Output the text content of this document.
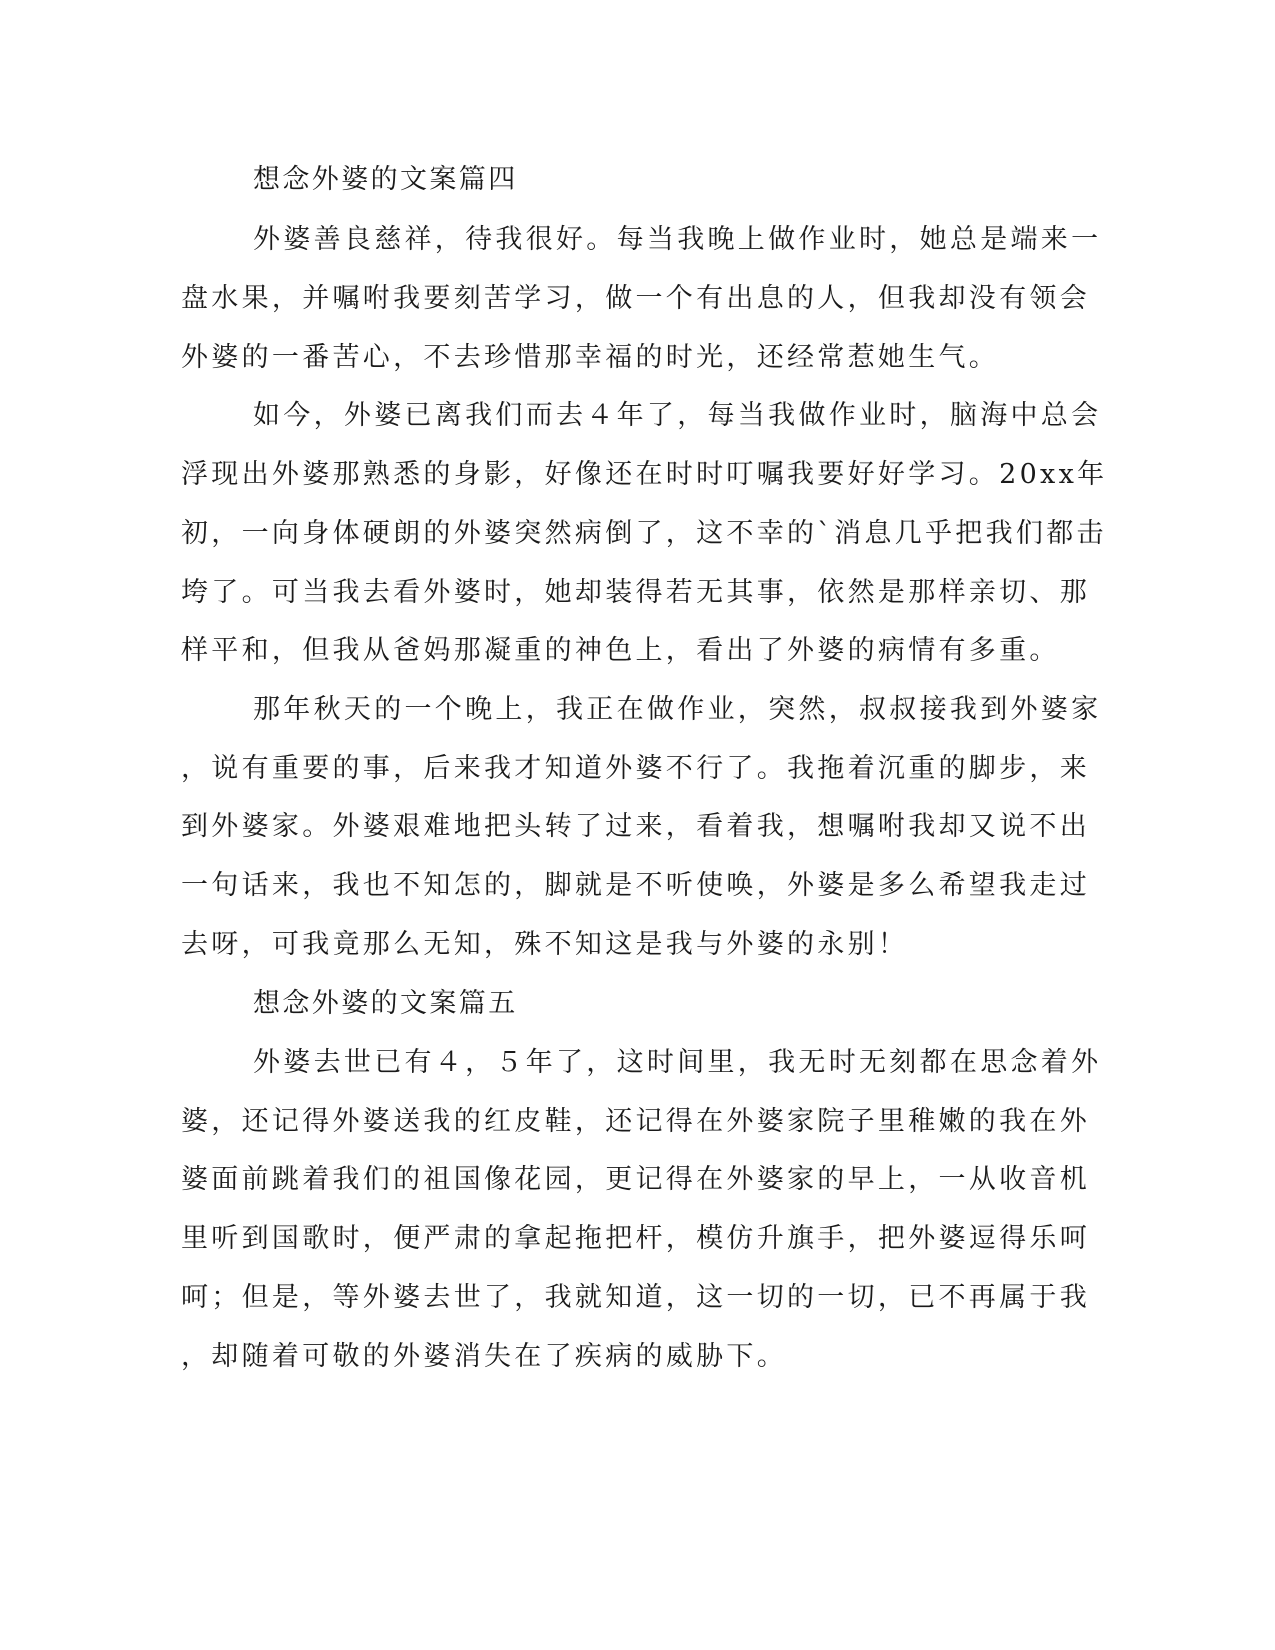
想念外婆的文案篇四
外婆善良慈祥，待我很好。每当我晚上做作业时，她总是端来一
盘水果，并嘱咐我要刻苦学习，做一个有出息的人，但我却没有领会
外婆的一番苦心，不去珍惜那幸福的时光，还经常惹她生气。
如今，外婆已离我们而去４年了，每当我做作业时，脑海中总会
浮现出外婆那熟悉的身影，好像还在时时叮嘱我要好好学习。20xx年
初，一向身体硬朗的外婆突然病倒了，这不幸的`消息几乎把我们都击
垮了。可当我去看外婆时，她却装得若无其事，依然是那样亲切、那
样平和，但我从爸妈那凝重的神色上，看出了外婆的病情有多重。
那年秋天的一个晚上，我正在做作业，突然，叔叔接我到外婆家
，说有重要的事，后来我才知道外婆不行了。我拖着沉重的脚步，来
到外婆家。外婆艰难地把头转了过来，看着我，想嘱咐我却又说不出
一句话来，我也不知怎的，脚就是不听使唤，外婆是多么希望我走过
去呀，可我竟那么无知，殊不知这是我与外婆的永别！
想念外婆的文案篇五
外婆去世已有４，５年了，这时间里，我无时无刻都在思念着外
婆，还记得外婆送我的红皮鞋，还记得在外婆家院子里稚嫩的我在外
婆面前跳着我们的祖国像花园，更记得在外婆家的早上，一从收音机
里听到国歌时，便严肃的拿起拖把杆，模仿升旗手，把外婆逗得乐呵
呵；但是，等外婆去世了，我就知道，这一切的一切，已不再属于我
，却随着可敬的外婆消失在了疾病的威胁下。
